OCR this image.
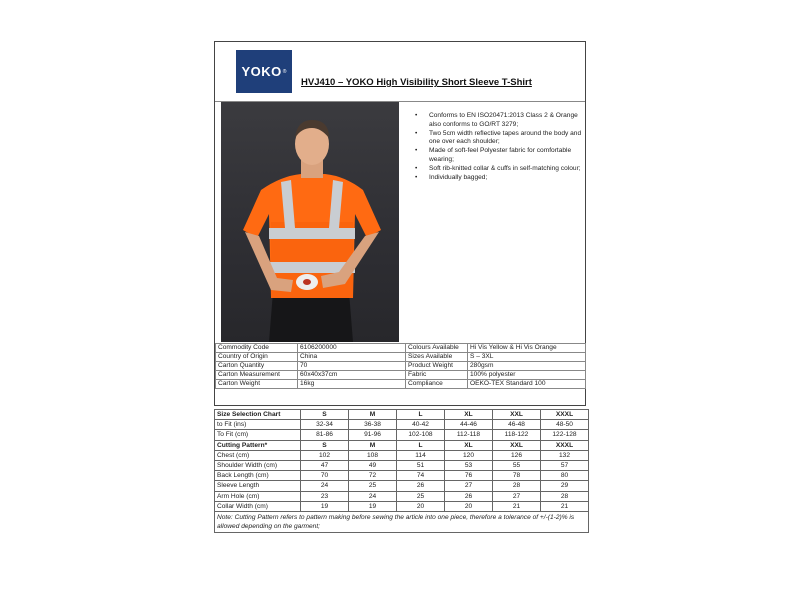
YOKO ®
HVJ410 – YOKO High Visibility Short Sleeve T-Shirt
• Conforms to EN ISO20471:2013 Class 2 & Orange also conforms to GO/RT 3279;
• Two 5cm width reflective tapes around the body and one over each shoulder;
• Made of soft-feel Polyester fabric for comfortable wearing;
• Soft rib-knitted collar & cuffs in self-matching colour;
• Individually bagged;
Commodity Code	6106200000	Colours Available	Hi Vis Yellow & Hi Vis Orange
Country of Origin	China	Sizes Available	S – 3XL
Carton Quantity	70	Product Weight	280gsm
Carton Measurement	60x40x37cm	Fabric	100% polyester
Carton Weight	16kg	Compliance	OEKO-TEX Standard 100
Size Selection Chart	S	M	L	XL	XXL	XXXL
to Fit (ins)	32-34	36-38	40-42	44-46	46-48	48-50
To Fit (cm)	81-86	91-96	102-108	112-118	118-122	122-128
Cutting Pattern*	S	M	L	XL	XXL	XXXL
Chest (cm)	102	108	114	120	126	132
Shoulder Width (cm)	47	49	51	53	55	57
Back Length (cm)	70	72	74	76	78	80
Sleeve Length	24	25	26	27	28	29
Arm Hole (cm)	23	24	25	26	27	28
Collar Width (cm)	19	19	20	20	21	21
Note: Cutting Pattern refers to pattern making before sewing the article into one piece, therefore a tolerance of +/-(1-2)% is allowed depending on the garment;						
